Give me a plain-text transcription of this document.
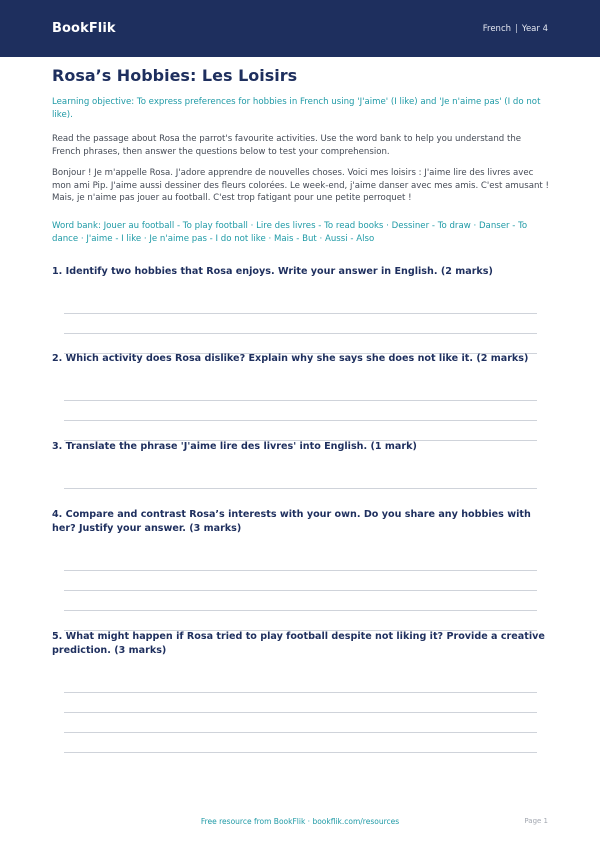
BookFlik	French | Year 4
Rosa’s Hobbies: Les Loisirs
Learning objective: To express preferences for hobbies in French using 'J'aime' (I like) and 'Je n'aime pas' (I do not like).
Read the passage about Rosa the parrot's favourite activities. Use the word bank to help you understand the French phrases, then answer the questions below to test your comprehension.
Bonjour ! Je m'appelle Rosa. J'adore apprendre de nouvelles choses. Voici mes loisirs : J'aime lire des livres avec mon ami Pip. J'aime aussi dessiner des fleurs colorées. Le week-end, j'aime danser avec mes amis. C'est amusant ! Mais, je n'aime pas jouer au football. C'est trop fatigant pour une petite perroquet !
Word bank: Jouer au football - To play football · Lire des livres - To read books · Dessiner - To draw · Danser - To dance · J'aime - I like · Je n'aime pas - I do not like · Mais - But · Aussi - Also
1. Identify two hobbies that Rosa enjoys. Write your answer in English. (2 marks)
2. Which activity does Rosa dislike? Explain why she says she does not like it. (2 marks)
3. Translate the phrase 'J'aime lire des livres' into English. (1 mark)
4. Compare and contrast Rosa’s interests with your own. Do you share any hobbies with her? Justify your answer. (3 marks)
5. What might happen if Rosa tried to play football despite not liking it? Provide a creative prediction. (3 marks)
Free resource from BookFlik · bookflik.com/resources	Page 1
